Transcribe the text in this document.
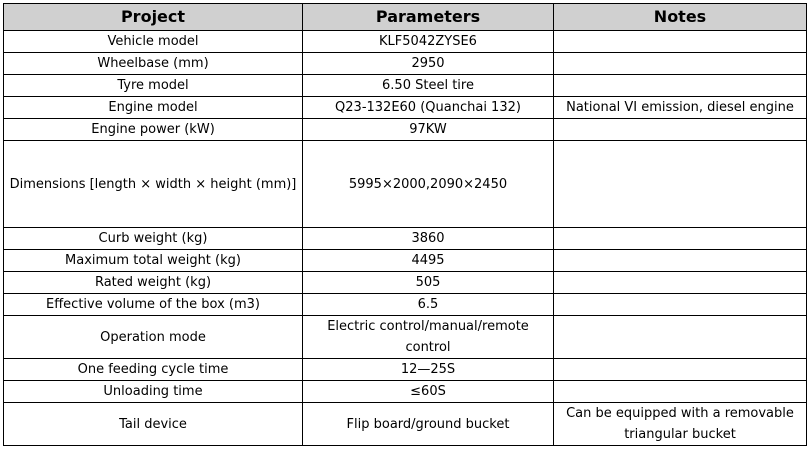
Project	Parameters	Notes
Vehicle model	KLF5042ZYSE6	
Wheelbase (mm)	2950	
Tyre model	6.50 Steel tire	
Engine model	Q23-132E60 (Quanchai 132)	National VI emission, diesel engine
Engine power (kW)	97KW	
Dimensions [length × width × height (mm)]	5995×2000,2090×2450	
Curb weight (kg)	3860	
Maximum total weight (kg)	4495	
Rated weight (kg)	505	
Effective volume of the box (m3)	6.5	
Operation mode	Electric control/manual/remote control	
One feeding cycle time	12—25S	
Unloading time	≤60S	
Tail device	Flip board/ground bucket	Can be equipped with a removable triangular bucket
